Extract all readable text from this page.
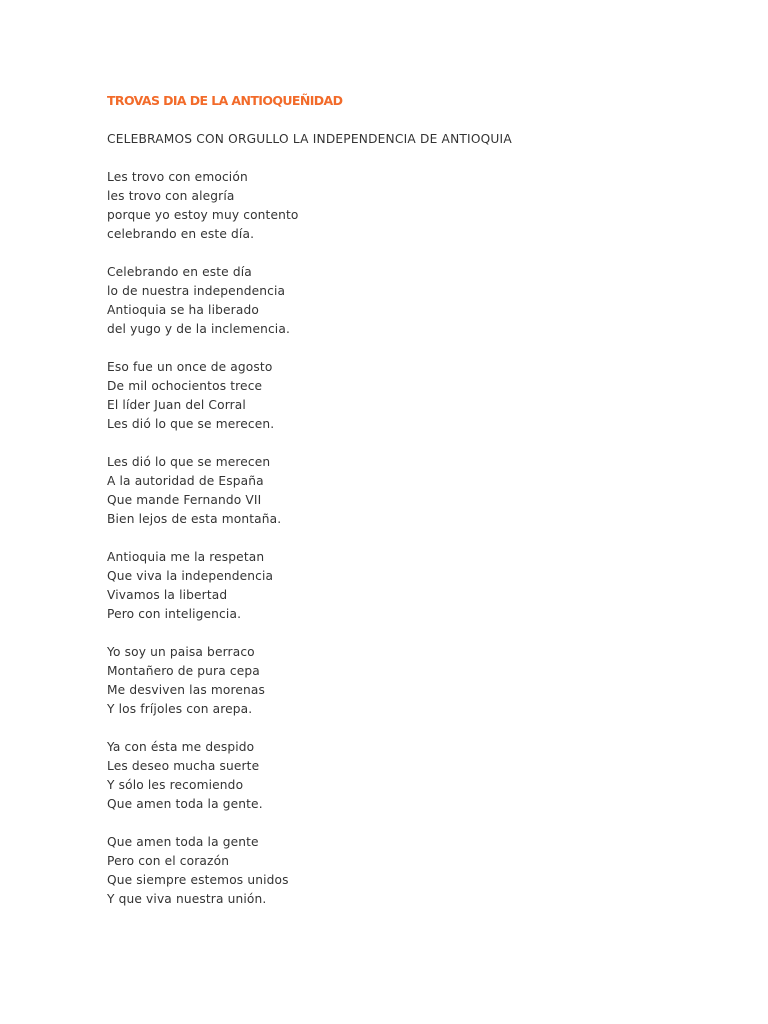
TROVAS DIA DE LA ANTIOQUEÑIDAD

CELEBRAMOS CON ORGULLO LA INDEPENDENCIA DE ANTIOQUIA

Les trovo con emoción
les trovo con alegría
porque yo estoy muy contento
celebrando en este día.
Celebrando en este día
lo de nuestra independencia
Antioquia se ha liberado
del yugo y de la inclemencia.
Eso fue un once de agosto
De mil ochocientos trece
El líder Juan del Corral
Les dió lo que se merecen.
Les dió lo que se merecen
A la autoridad de España
Que mande Fernando VII
Bien lejos de esta montaña.
Antioquia me la respetan
Que viva la independencia
Vivamos la libertad
Pero con inteligencia.
Yo soy un paisa berraco
Montañero de pura cepa
Me desviven las morenas
Y los fríjoles con arepa.
Ya con ésta me despido
Les deseo mucha suerte
Y sólo les recomiendo
Que amen toda la gente.
Que amen toda la gente
Pero con el corazón
Que siempre estemos unidos
Y que viva nuestra unión.
